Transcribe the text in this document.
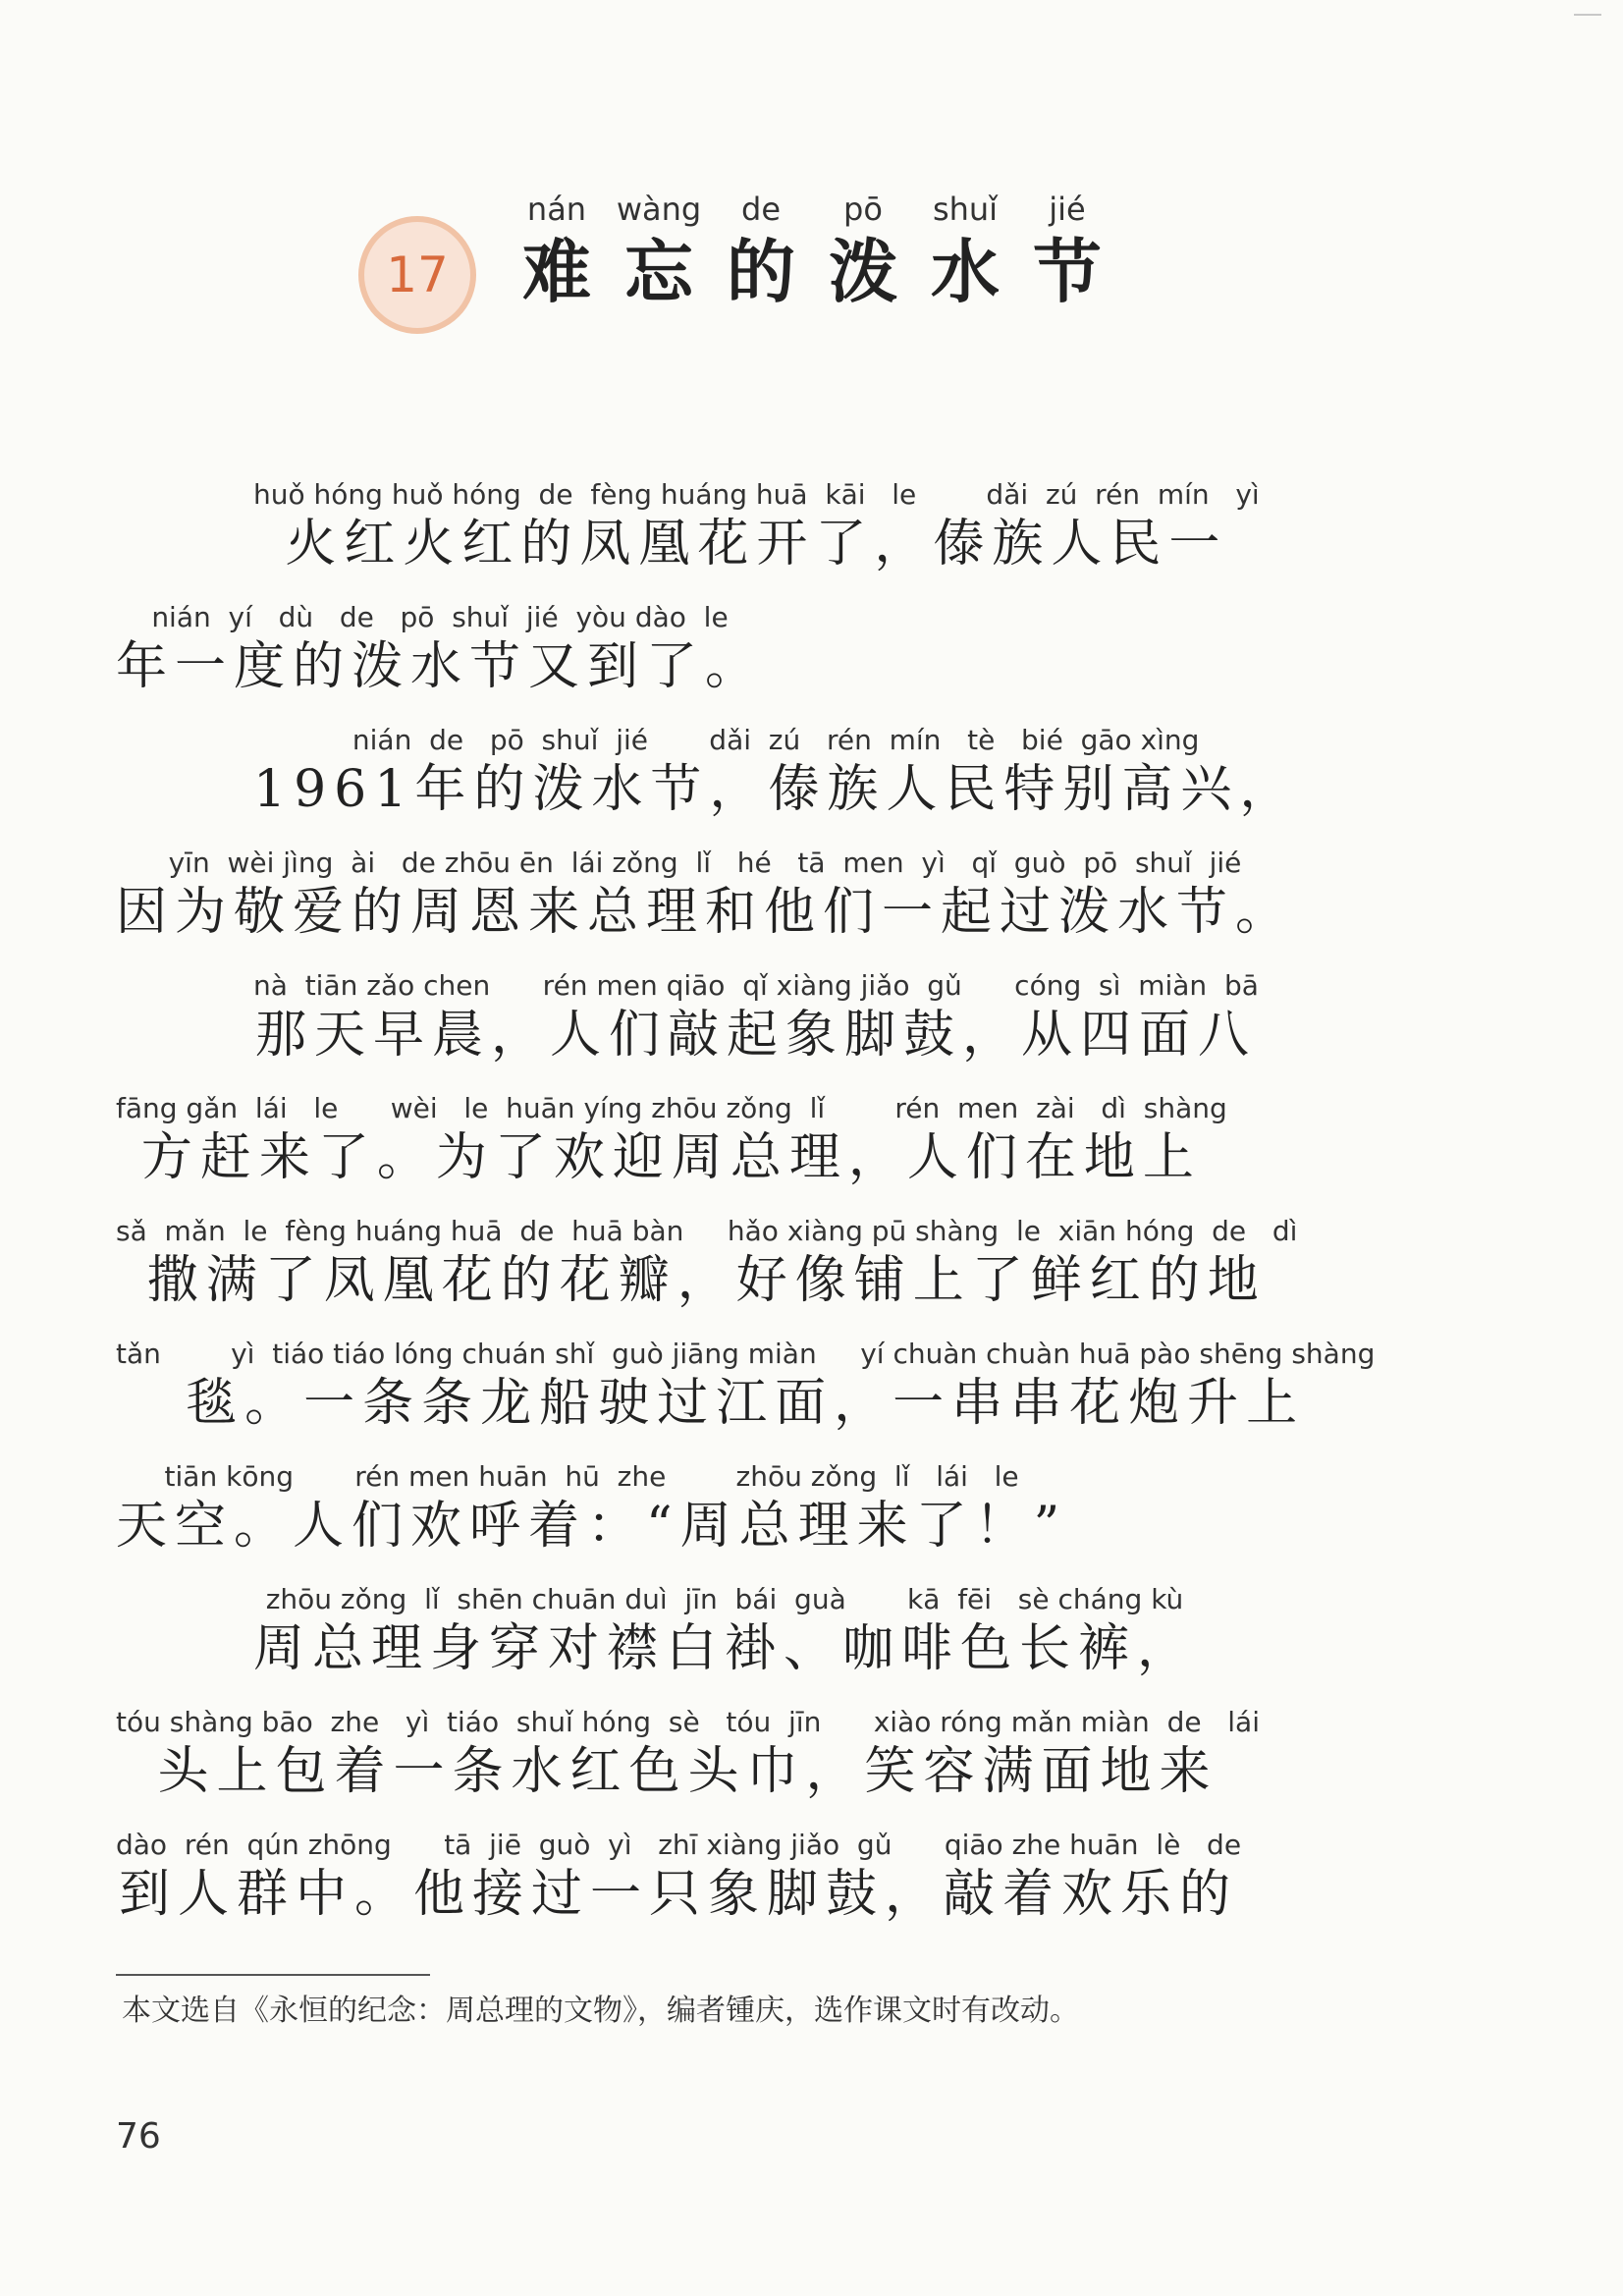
17
nán
难
wàng
忘
de
的
pō
泼
shuǐ
水
jié
节
huǒ hóng huǒ hóng  de  fèng huáng huā  kāi   le        dǎi  zú  rén  mín   yì
火红火红的凤凰花开了，傣族人民一
nián  yí   dù   de   pō  shuǐ  jié  yòu dào  le
年一度的泼水节又到了。
nián  de   pō  shuǐ  jié       dǎi  zú   rén  mín   tè   bié  gāo xìng
1961年的泼水节，傣族人民特别高兴，
yīn  wèi jìng  ài   de zhōu ēn  lái zǒng  lǐ   hé   tā  men  yì   qǐ  guò  pō  shuǐ  jié
因为敬爱的周恩来总理和他们一起过泼水节。
nà  tiān zǎo chen      rén men qiāo  qǐ xiàng jiǎo  gǔ      cóng  sì  miàn  bā
那天早晨，人们敲起象脚鼓，从四面八
fāng gǎn  lái   le      wèi   le  huān yíng zhōu zǒng  lǐ        rén  men  zài   dì  shàng
方赶来了。为了欢迎周总理，人们在地上
sǎ  mǎn  le  fèng huáng huā  de  huā bàn     hǎo xiàng pū shàng  le  xiān hóng  de   dì
撒满了凤凰花的花瓣，好像铺上了鲜红的地
tǎn        yì  tiáo tiáo lóng chuán shǐ  guò jiāng miàn     yí chuàn chuàn huā pào shēng shàng
毯。一条条龙船驶过江面，一串串花炮升上
tiān kōng       rén men huān  hū  zhe        zhōu zǒng  lǐ   lái   le
天空。人们欢呼着：“周总理来了！”
zhōu zǒng  lǐ  shēn chuān duì  jīn  bái  guà       kā  fēi   sè cháng kù
周总理身穿对襟白褂、咖啡色长裤，
tóu shàng bāo  zhe   yì  tiáo  shuǐ hóng  sè   tóu  jīn      xiào róng mǎn miàn  de   lái
头上包着一条水红色头巾，笑容满面地来
dào  rén  qún zhōng      tā  jiē  guò  yì   zhī xiàng jiǎo  gǔ      qiāo zhe huān  lè   de
到人群中。他接过一只象脚鼓，敲着欢乐的
本文选自《永恒的纪念：周总理的文物》，编者锺庆，选作课文时有改动。
76
